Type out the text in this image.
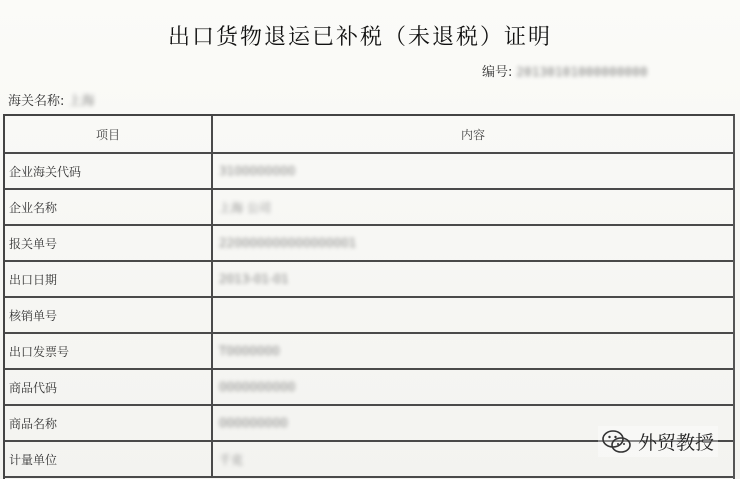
出口货物退运已补税（未退税）证明
编号: 20130101000000000
海关名称: 上海
项目	内容
企业海关代码	3100000000
企业名称	上海 公司
报关单号	220000000000000001
出口日期	2013-01-01
核销单号	
出口发票号	T0000000
商品代码	0000000000
商品名称	000000000
计量单位	千克
外贸教授
